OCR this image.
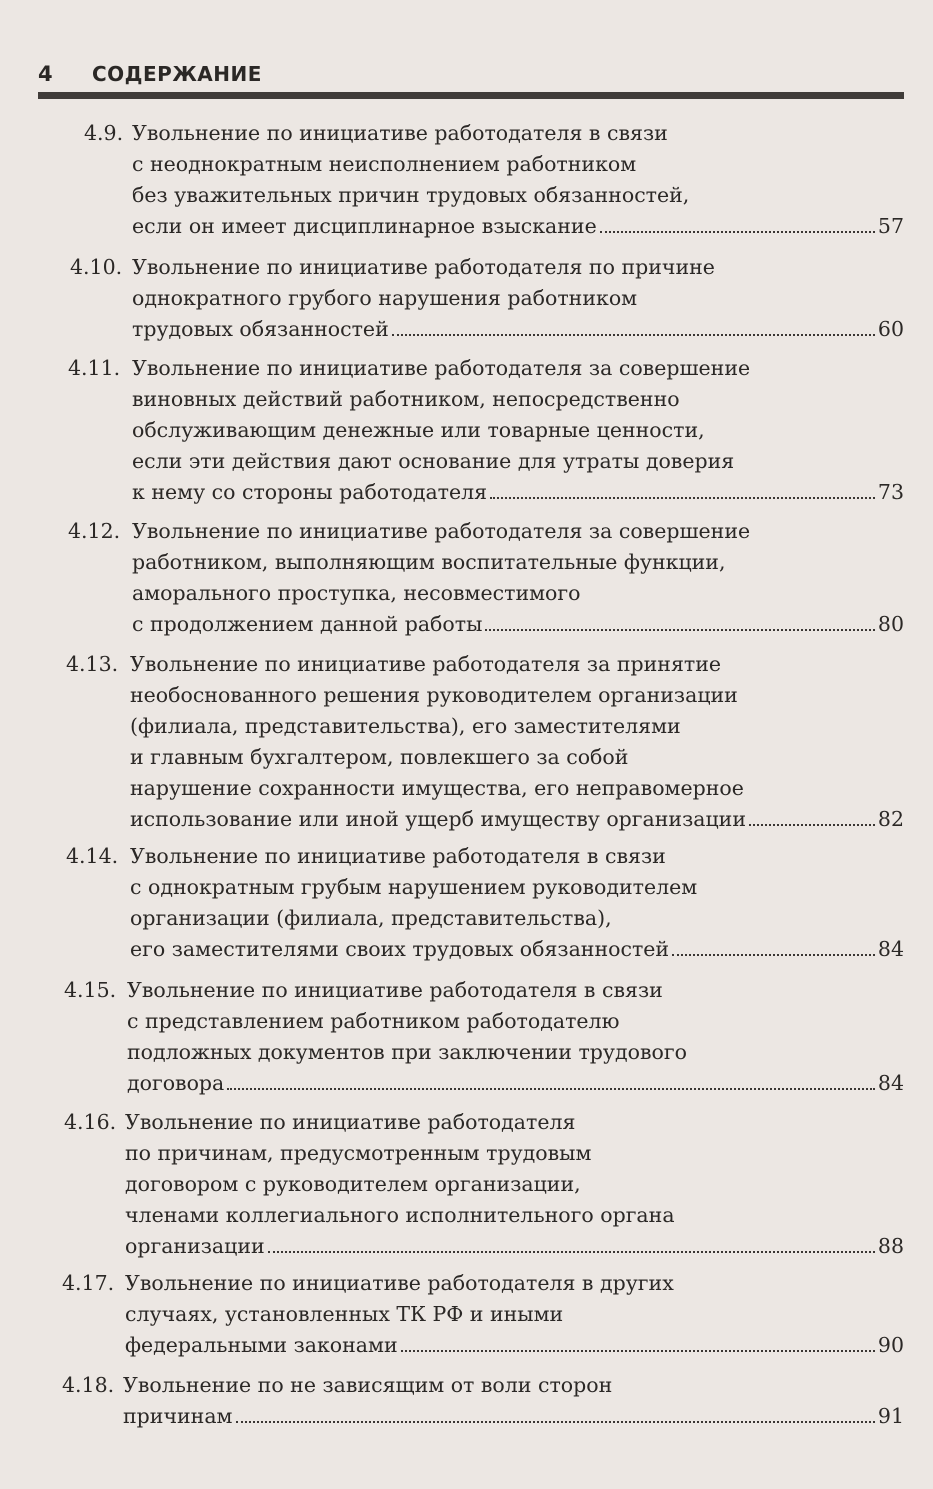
4 СОДЕРЖАНИЕ
4.9. Увольнение по инициативе работодателя в связи
с неоднократным неисполнением работником
без уважительных причин трудовых обязанностей,
если он имеет дисциплинарное взыскание	57
4.10. Увольнение по инициативе работодателя по причине
однократного грубого нарушения работником
трудовых обязанностей	60
4.11. Увольнение по инициативе работодателя за совершение
виновных действий работником, непосредственно
обслуживающим денежные или товарные ценности,
если эти действия дают основание для утраты доверия
к нему со стороны работодателя	73
4.12. Увольнение по инициативе работодателя за совершение
работником, выполняющим воспитательные функции,
аморального проступка, несовместимого
с продолжением данной работы	80
4.13. Увольнение по инициативе работодателя за принятие
необоснованного решения руководителем организации
(филиала, представительства), его заместителями
и главным бухгалтером, повлекшего за собой
нарушение сохранности имущества, его неправомерное
использование или иной ущерб имуществу организации	82
4.14. Увольнение по инициативе работодателя в связи
с однократным грубым нарушением руководителем
организации (филиала, представительства),
его заместителями своих трудовых обязанностей	84
4.15. Увольнение по инициативе работодателя в связи
с представлением работником работодателю
подложных документов при заключении трудового
договора	84
4.16. Увольнение по инициативе работодателя
по причинам, предусмотренным трудовым
договором с руководителем организации,
членами коллегиального исполнительного органа
организации	88
4.17. Увольнение по инициативе работодателя в других
случаях, установленных ТК РФ и иными
федеральными законами	90
4.18. Увольнение по не зависящим от воли сторон
причинам	91
